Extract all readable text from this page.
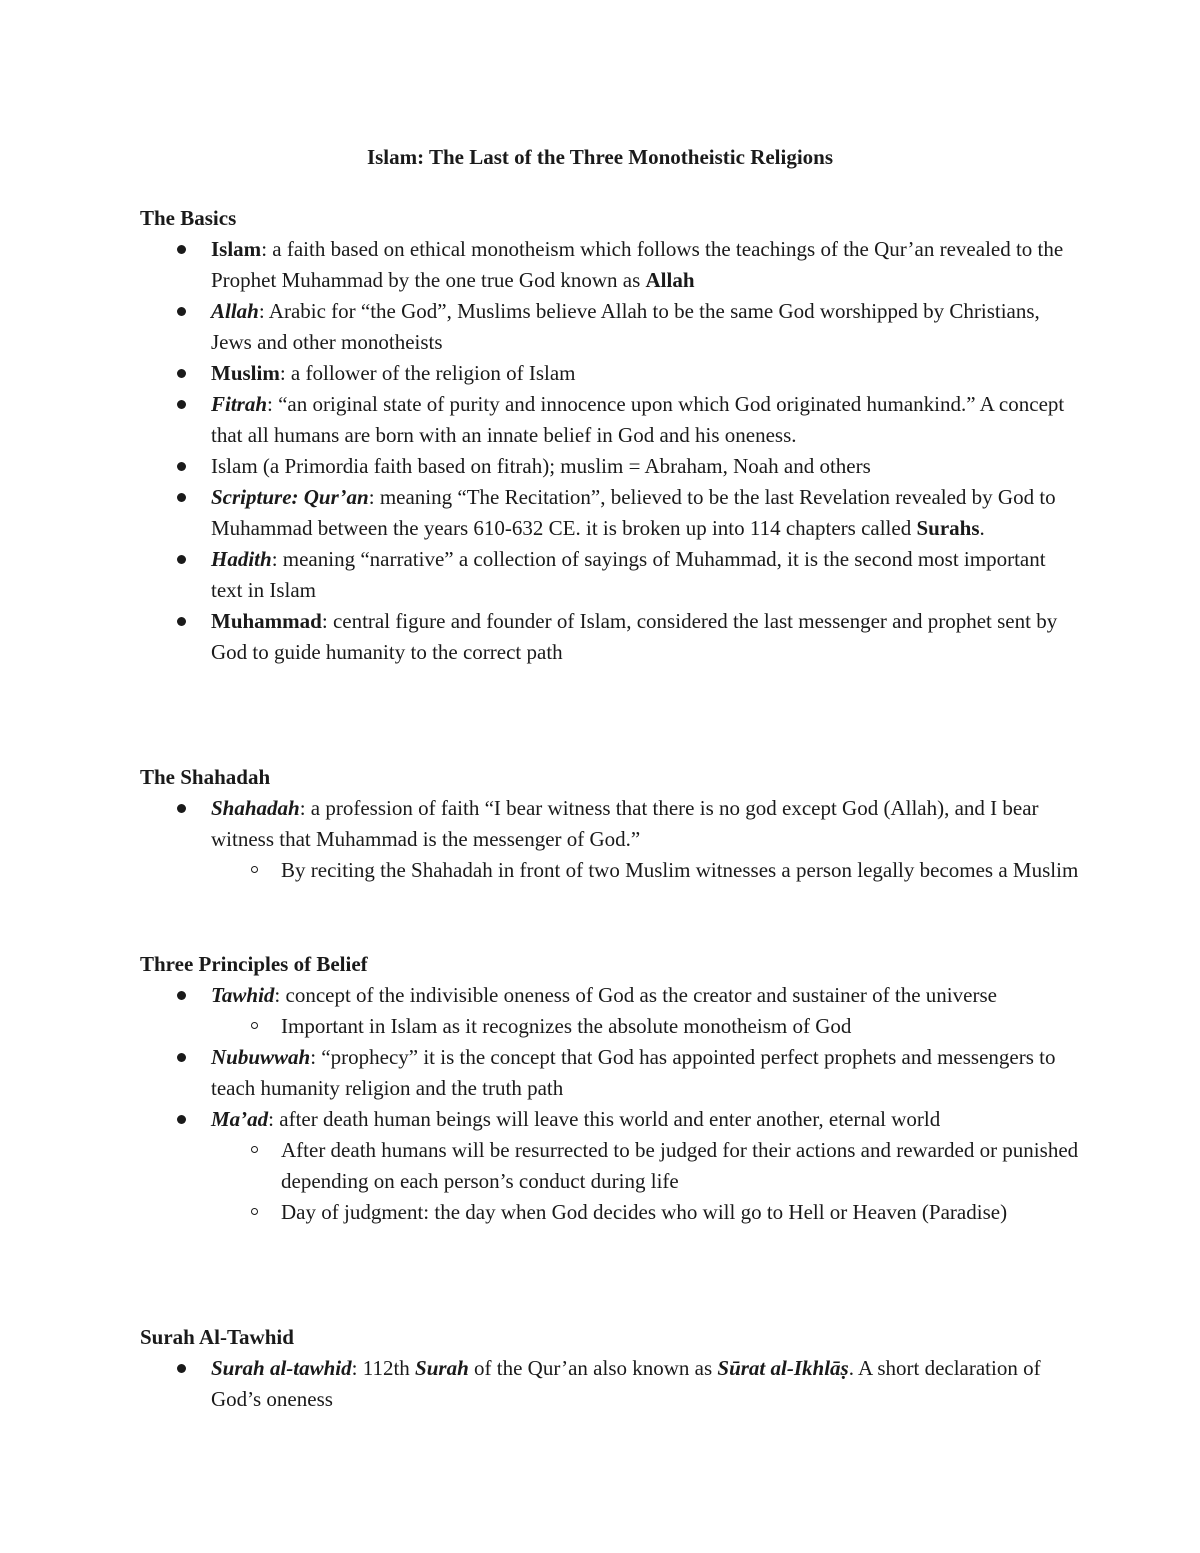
Islam: The Last of the Three Monotheistic Religions
The Basics
Islam: a faith based on ethical monotheism which follows the teachings of the Qur’an revealed to the Prophet Muhammad by the one true God known as Allah
Allah: Arabic for “the God”, Muslims believe Allah to be the same God worshipped by Christians, Jews and other monotheists
Muslim: a follower of the religion of Islam
Fitrah: “an original state of purity and innocence upon which God originated humankind.” A concept that all humans are born with an innate belief in God and his oneness.
Islam (a Primordia faith based on fitrah); muslim = Abraham, Noah and others
Scripture: Qur’an: meaning “The Recitation”, believed to be the last Revelation revealed by God to Muhammad between the years 610-632 CE. it is broken up into 114 chapters called Surahs.
Hadith: meaning “narrative” a collection of sayings of Muhammad, it is the second most important text in Islam
Muhammad: central figure and founder of Islam, considered the last messenger and prophet sent by God to guide humanity to the correct path
The Shahadah
Shahadah: a profession of faith “I bear witness that there is no god except God (Allah), and I bear witness that Muhammad is the messenger of God.”
By reciting the Shahadah in front of two Muslim witnesses a person legally becomes a Muslim
Three Principles of Belief
Tawhid: concept of the indivisible oneness of God as the creator and sustainer of the universe
Important in Islam as it recognizes the absolute monotheism of God
Nubuwwah: “prophecy” it is the concept that God has appointed perfect prophets and messengers to teach humanity religion and the truth path
Ma’ad: after death human beings will leave this world and enter another, eternal world
After death humans will be resurrected to be judged for their actions and rewarded or punished depending on each person’s conduct during life
Day of judgment: the day when God decides who will go to Hell or Heaven (Paradise)
Surah Al-Tawhid
Surah al-tawhid: 112th Surah of the Qur’an also known as Sūrat al-Ikhlāṣ. A short declaration of God’s oneness
